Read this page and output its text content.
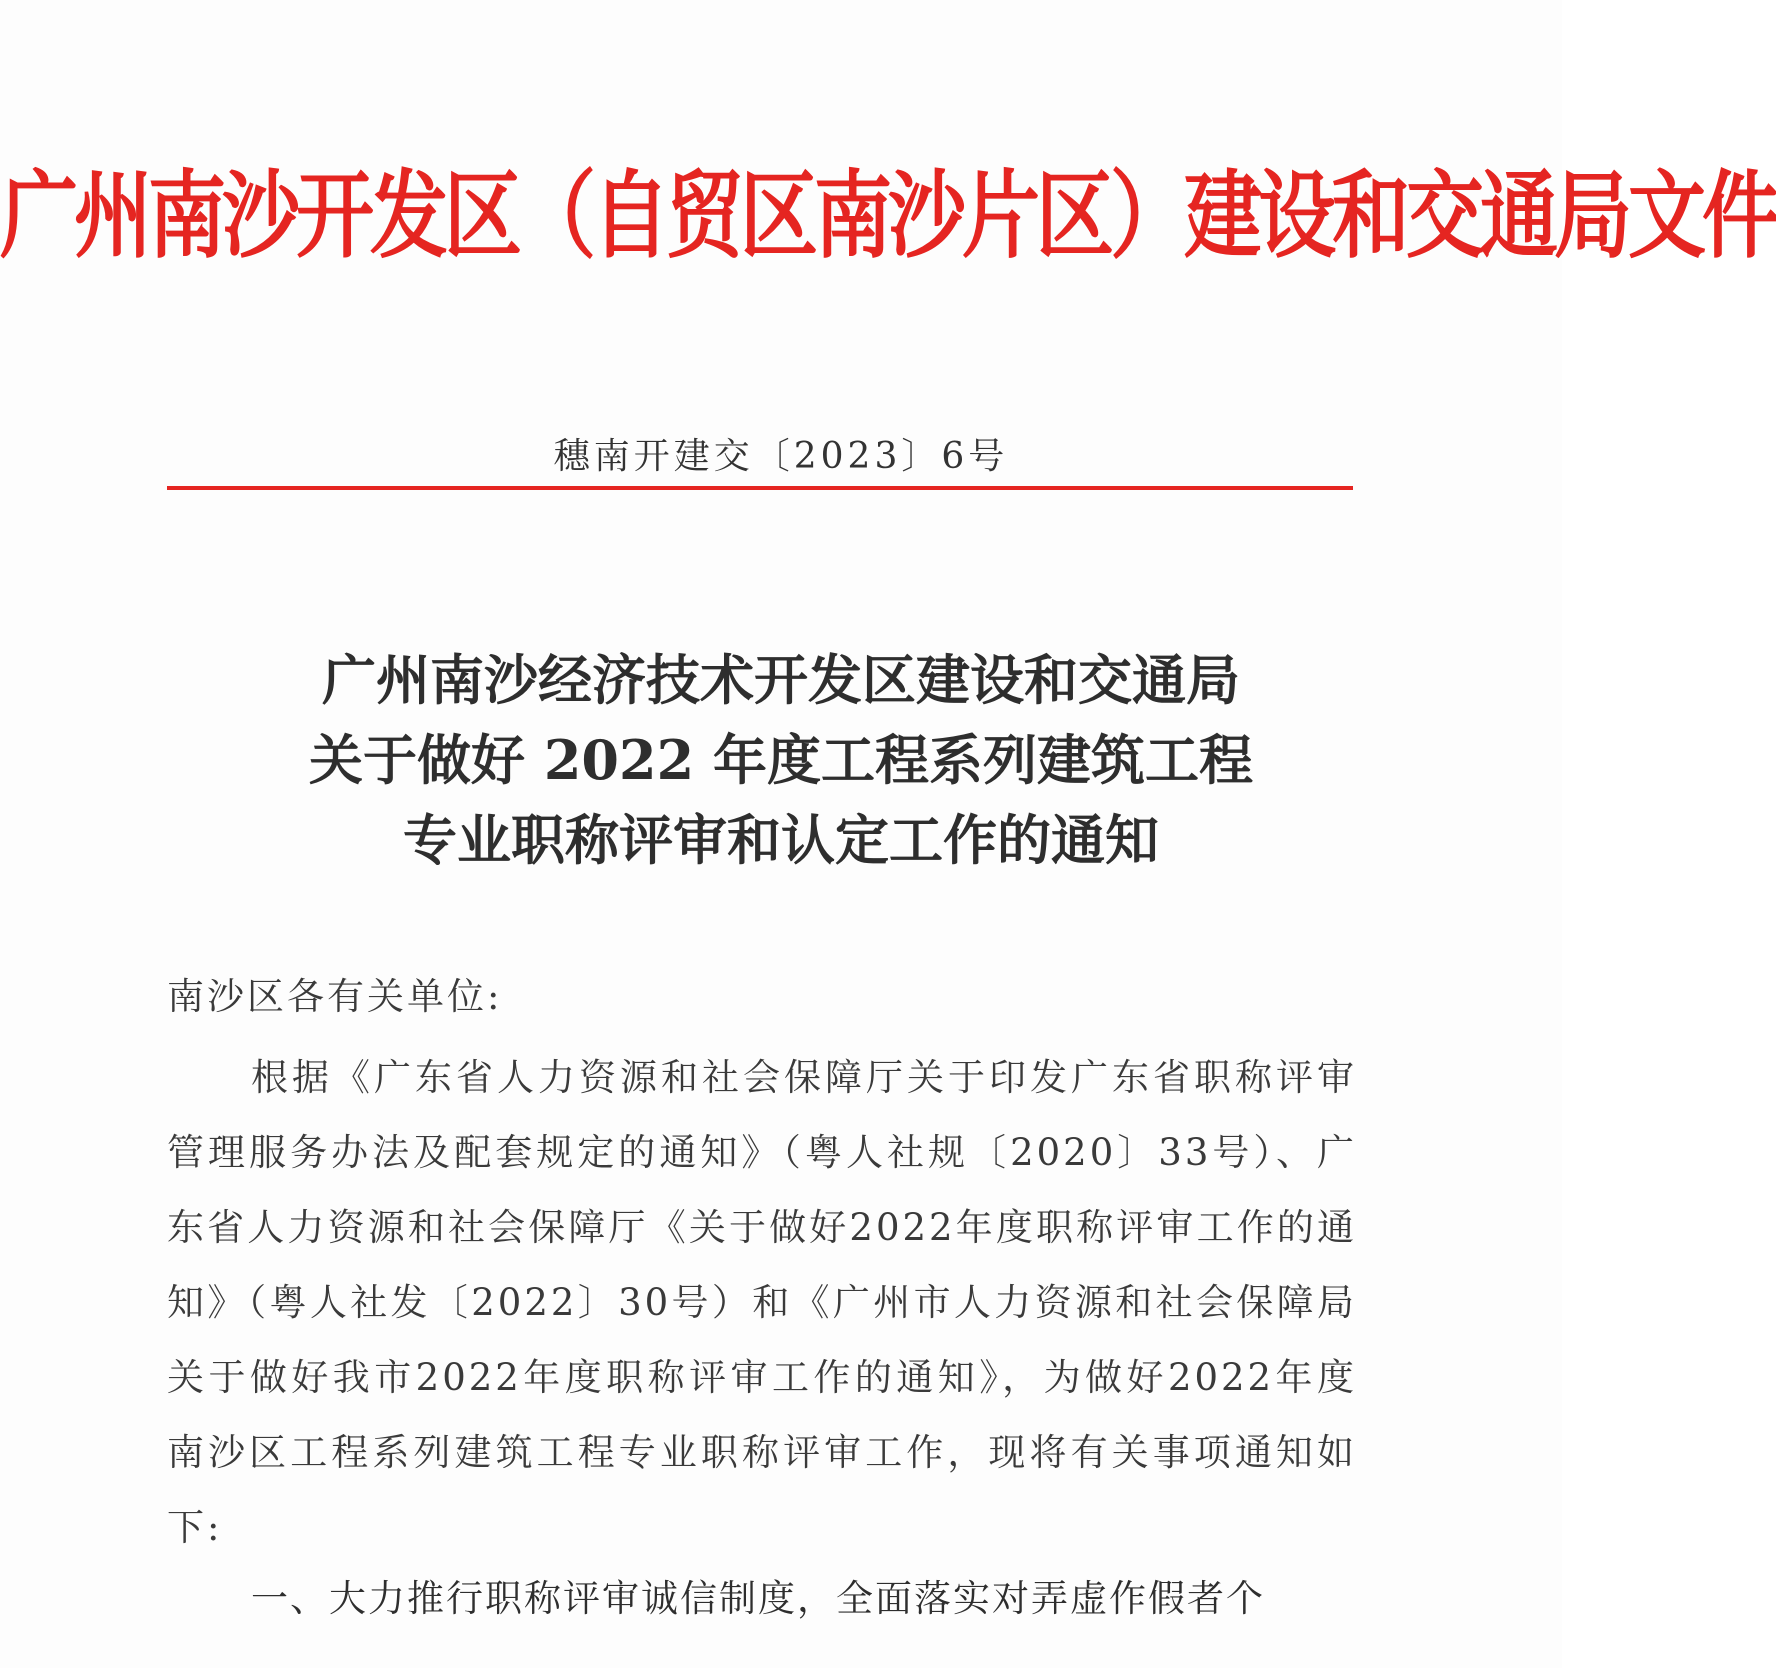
广州南沙开发区（自贸区南沙片区）建设和交通局文件
穗南开建交〔2023〕6号
广州南沙经济技术开发区建设和交通局
关于做好 2022 年度工程系列建筑工程
专业职称评审和认定工作的通知
南沙区各有关单位:
根据《广东省人力资源和社会保障厅关于印发广东省职称评审管理服务办法及配套规定的通知》（粤人社规〔2020〕33号）、广东省人力资源和社会保障厅《关于做好2022年度职称评审工作的通知》（粤人社发〔2022〕30号）和《广州市人力资源和社会保障局关于做好我市2022年度职称评审工作的通知》，为做好2022年度南沙区工程系列建筑工程专业职称评审工作，现将有关事项通知如下:
一、大力推行职称评审诚信制度，全面落实对弄虚作假者个
